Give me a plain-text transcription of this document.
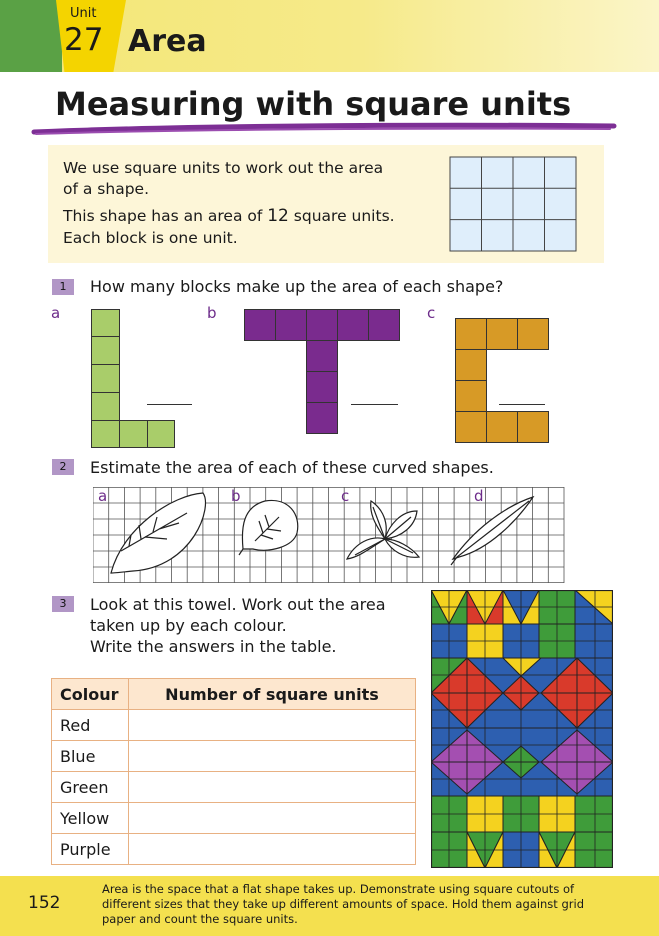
Unit
27 Area
Measuring with square units
We use square units to work out the area
of a shape.
This shape has an area of 12 square units.
Each block is one unit.
1	How many blocks make up the area of each shape?
a	b	c
2	Estimate the area of each of these curved shapes.
a	b	c	d
3	Look at this towel. Work out the area
taken up by each colour.
Write the answers in the table.
Colour	Number of square units
Red	
Blue	
Green	
Yellow	
Purple	
152
Area is the space that a flat shape takes up. Demonstrate using square cutouts of different sizes that they take up different amounts of space. Hold them against grid paper and count the square units.
